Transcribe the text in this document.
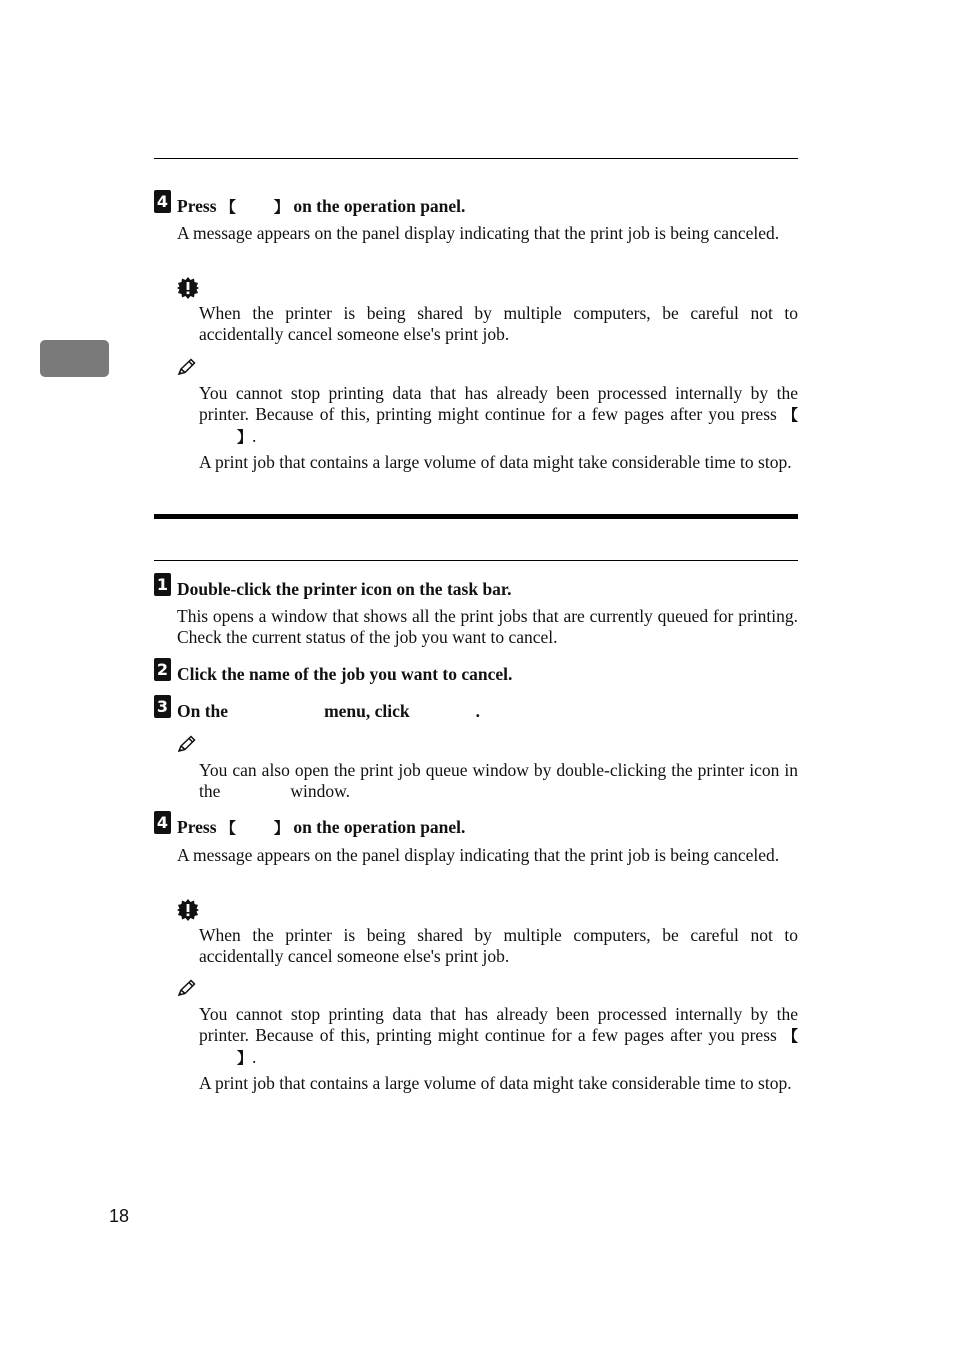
4 Press 【	】 on the operation panel.
A message appears on the panel display indicating that the print job is being canceled.
When the printer is being shared by multiple computers, be careful not to accidentally cancel someone else's print job.
You cannot stop printing data that has already been processed internally by the printer. Because of this, printing might continue for a few pages after you press 【】.
A print job that contains a large volume of data might take considerable time to stop.
1 Double-click the printer icon on the task bar.
This opens a window that shows all the print jobs that are currently queued for printing. Check the current status of the job you want to cancel.
2 Click the name of the job you want to cancel.
3 On the	menu, click	.
You can also open the print job queue window by double-clicking the printer icon in the	window.
4 Press 【	】 on the operation panel.
A message appears on the panel display indicating that the print job is being canceled.
When the printer is being shared by multiple computers, be careful not to accidentally cancel someone else's print job.
You cannot stop printing data that has already been processed internally by the printer. Because of this, printing might continue for a few pages after you press 【】.
A print job that contains a large volume of data might take considerable time to stop.
18
